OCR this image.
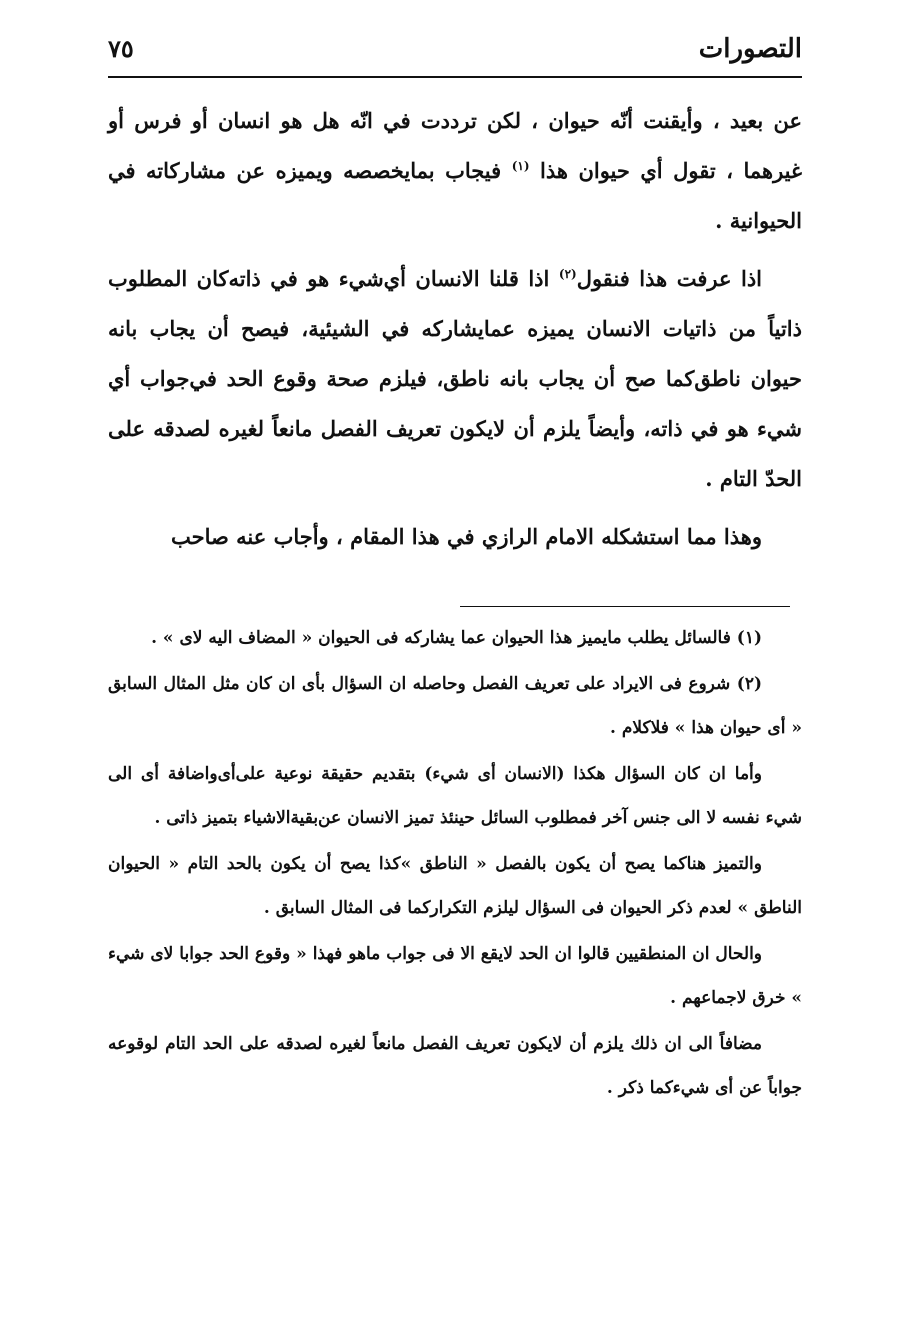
التصورات
٧٥

عن بعيد ، وأيقنت أنّه حيوان ، لكن ترددت في انّه هل هو انسان أو فرس أو غيرهما ، تقول أي حيوان هذا $^{(١)}$ فيجاب بمايخصصه ويميزه عن مشاركاته في الحيوانية .

اذا عرفت هذا فنقول$^{(٢)}$ اذا قلنا الانسان أي‌شيء هو في ذاته‌كان المطلوب ذاتياً من ذاتيات الانسان يميزه عمايشاركه في الشيئية، فيصح أن يجاب بانه حيوان ناطق‌كما صح أن يجاب بانه ناطق، فيلزم صحة وقوع الحد في‌جواب أي شيء هو في ذاته، وأيضاً يلزم أن لايكون تعريف الفصل مانعاً لغيره لصدقه على الحدّ التام .

وهذا مما استشكله الامام الرازي في هذا المقام ، وأجاب عنه صاحب

(١) فالسائل يطلب مايميز هذا الحيوان عما يشاركه فى الحيوان « المضاف اليه لاى » .

(٢) شروع فى الايراد على تعريف الفصل وحاصله ان السؤال بأى ان كان مثل المثال السابق « أى حيوان هذا » فلاكلام .

وأما ان كان السؤال هكذا (الانسان أى شيء) بتقديم حقيقة نوعية على‌أى‌واضافة أى الى شيء نفسه لا الى جنس آخر فمطلوب السائل حينئذ تميز الانسان عن‌بقية‌الاشياء بتميز ذاتى .

والتميز هناكما يصح أن يكون بالفصل « الناطق »كذا يصح أن يكون بالحد التام « الحيوان الناطق » لعدم ذكر الحيوان فى السؤال ليلزم التكراركما فى المثال السابق .

والحال ان المنطقيين قالوا ان الحد لايقع الا فى جواب ماهو فهذا « وقوع الحد جوابا لاى شيء » خرق لاجماعهم .

مضافاً الى ان ذلك يلزم أن لايكون تعريف الفصل مانعاً لغيره لصدقه على الحد التام لوقوعه جواباً عن أى شيءكما ذكر .
